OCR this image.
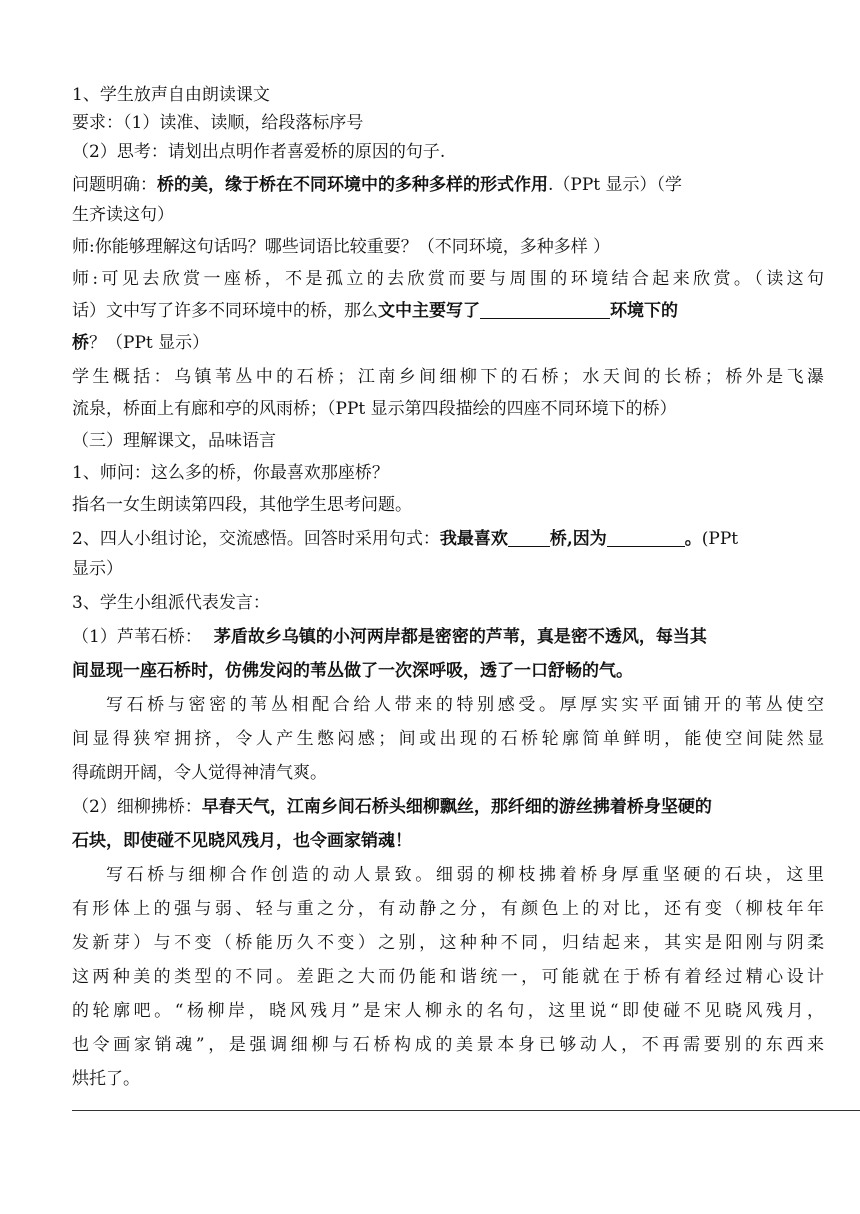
1、学生放声自由朗读课文
要求：（1）读准、读顺，给段落标序号
（2）思考：请划出点明作者喜爱桥的原因的句子.
问题明确：桥的美，缘于桥在不同环境中的多种多样的形式作用.（PPt 显示）（学
生齐读这句）
师:你能够理解这句话吗？哪些词语比较重要？（不同环境，多种多样 ）
师:可见去欣赏一座桥，不是孤立的去欣赏而要与周围的环境结合起来欣赏。（读这句
话）文中写了许多不同环境中的桥，那么文中主要写了	环境下的
桥？（PPt 显示）
学生概括：乌镇苇丛中的石桥；江南乡间细柳下的石桥；水天间的长桥；桥外是飞瀑
流泉，桥面上有廊和亭的风雨桥；（PPt 显示第四段描绘的四座不同环境下的桥）
（三）理解课文，品味语言
1、师问：这么多的桥，你最喜欢那座桥？
指名一女生朗读第四段，其他学生思考问题。
2、四人小组讨论，交流感悟。回答时采用句式：我最喜欢 桥,因为	。(PPt
显示）
3、学生小组派代表发言：
（1）芦苇石桥： 茅盾故乡乌镇的小河两岸都是密密的芦苇，真是密不透风，每当其
间显现一座石桥时，仿佛发闷的苇丛做了一次深呼吸，透了一口舒畅的气。
写石桥与密密的苇丛相配合给人带来的特别感受。厚厚实实平面铺开的苇丛使空
间显得狭窄拥挤，令人产生憋闷感；间或出现的石桥轮廓简单鲜明，能使空间陡然显
得疏朗开阔，令人觉得神清气爽。
（2）细柳拂桥：早春天气，江南乡间石桥头细柳飘丝，那纤细的游丝拂着桥身坚硬的
石块，即使碰不见晓风残月，也令画家销魂！
写石桥与细柳合作创造的动人景致。细弱的柳枝拂着桥身厚重坚硬的石块，这里
有形体上的强与弱、轻与重之分，有动静之分，有颜色上的对比，还有变（柳枝年年
发新芽）与不变（桥能历久不变）之别，这种种不同，归结起来，其实是阳刚与阴柔
这两种美的类型的不同。差距之大而仍能和谐统一，可能就在于桥有着经过精心设计
的轮廓吧。“杨柳岸，晓风残月”是宋人柳永的名句，这里说“即使碰不见晓风残月，
也令画家销魂”，是强调细柳与石桥构成的美景本身已够动人，不再需要别的东西来
烘托了。
